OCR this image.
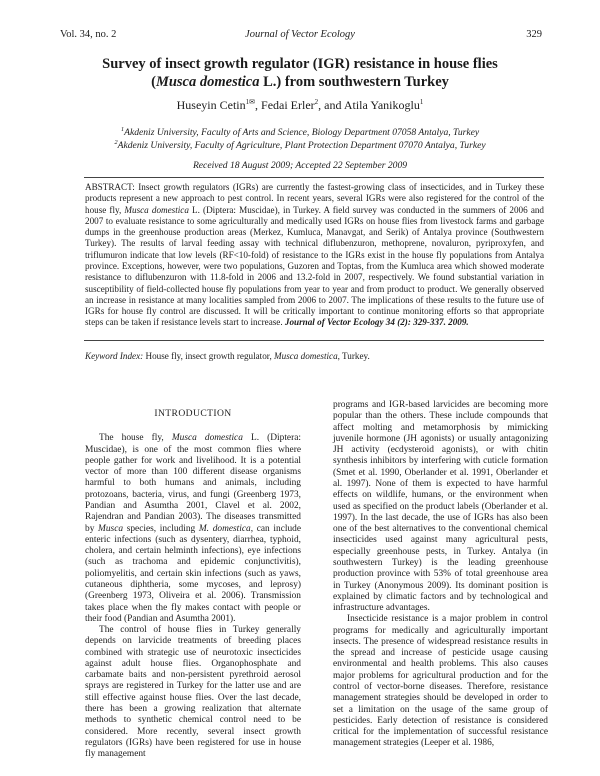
Vol. 34, no. 2	Journal of Vector Ecology	329
Survey of insect growth regulator (IGR) resistance in house flies
(Musca domestica L.) from southwestern Turkey
Huseyin Cetin$^{1✉}$, Fedai Erler$^2$, and Atila Yanikoglu$^1$
$^1$Akdeniz University, Faculty of Arts and Science, Biology Department 07058 Antalya, Turkey
$^2$Akdeniz University, Faculty of Agriculture, Plant Protection Department 07070 Antalya, Turkey
Received 18 August 2009; Accepted 22 September 2009

ABSTRACT: Insect growth regulators (IGRs) are currently the fastest-growing class of insecticides, and in Turkey these products represent a new approach to pest control. In recent years, several IGRs were also registered for the control of the house fly, Musca domestica L. (Diptera: Muscidae), in Turkey. A field survey was conducted in the summers of 2006 and 2007 to evaluate resistance to some agriculturally and medically used IGRs on house flies from livestock farms and garbage dumps in the greenhouse production areas (Merkez, Kumluca, Manavgat, and Serik) of Antalya province (Southwestern Turkey). The results of larval feeding assay with technical diflubenzuron, methoprene, novaluron, pyriproxyfen, and triflumuron indicate that low levels (RF<10-fold) of resistance to the IGRs exist in the house fly populations from Antalya province. Exceptions, however, were two populations, Guzoren and Toptas, from the Kumluca area which showed moderate resistance to diflubenzuron with 11.8-fold in 2006 and 13.2-fold in 2007, respectively. We found substantial variation in susceptibility of field-collected house fly populations from year to year and from product to product. We generally observed an increase in resistance at many localities sampled from 2006 to 2007. The implications of these results to the future use of IGRs for house fly control are discussed. It will be critically important to continue monitoring efforts so that appropriate steps can be taken if resistance levels start to increase. Journal of Vector Ecology 34 (2): 329-337. 2009.

Keyword Index: House fly, insect growth regulator, Musca domestica, Turkey.

INTRODUCTION

The house fly, Musca domestica L. (Diptera: Muscidae), is one of the most common flies where people gather for work and livelihood. It is a potential vector of more than 100 different disease organisms harmful to both humans and animals, including protozoans, bacteria, virus, and fungi (Greenberg 1973, Pandian and Asumtha 2001, Clavel et al. 2002, Rajendran and Pandian 2003). The diseases transmitted by Musca species, including M. domestica, can include enteric infections (such as dysentery, diarrhea, typhoid, cholera, and certain helminth infections), eye infections (such as trachoma and epidemic conjunctivitis), poliomyelitis, and certain skin infections (such as yaws, cutaneous diphtheria, some mycoses, and leprosy) (Greenberg 1973, Oliveira et al. 2006). Transmission takes place when the fly makes contact with people or their food (Pandian and Asumtha 2001).

The control of house flies in Turkey generally depends on larvicide treatments of breeding places combined with strategic use of neurotoxic insecticides against adult house flies. Organophosphate and carbamate baits and non-persistent pyrethroid aerosol sprays are registered in Turkey for the latter use and are still effective against house flies. Over the last decade, there has been a growing realization that alternate methods to synthetic chemical control need to be considered. More recently, several insect growth regulators (IGRs) have been registered for use in house fly management

programs and IGR-based larvicides are becoming more popular than the others. These include compounds that affect molting and metamorphosis by mimicking juvenile hormone (JH agonists) or usually antagonizing JH activity (ecdysteroid agonists), or with chitin synthesis inhibitors by interfering with cuticle formation (Smet et al. 1990, Oberlander et al. 1991, Oberlander et al. 1997). None of them is expected to have harmful effects on wildlife, humans, or the environment when used as specified on the product labels (Oberlander et al. 1997). In the last decade, the use of IGRs has also been one of the best alternatives to the conventional chemical insecticides used against many agricultural pests, especially greenhouse pests, in Turkey. Antalya (in southwestern Turkey) is the leading greenhouse production province with 53% of total greenhouse area in Turkey (Anonymous 2009). Its dominant position is explained by climatic factors and by technological and infrastructure advantages.

Insecticide resistance is a major problem in control programs for medically and agriculturally important insects. The presence of widespread resistance results in the spread and increase of pesticide usage causing environmental and health problems. This also causes major problems for agricultural production and for the control of vector-borne diseases. Therefore, resistance management strategies should be developed in order to set a limitation on the usage of the same group of pesticides. Early detection of resistance is considered critical for the implementation of successful resistance management strategies (Leeper et al. 1986,
